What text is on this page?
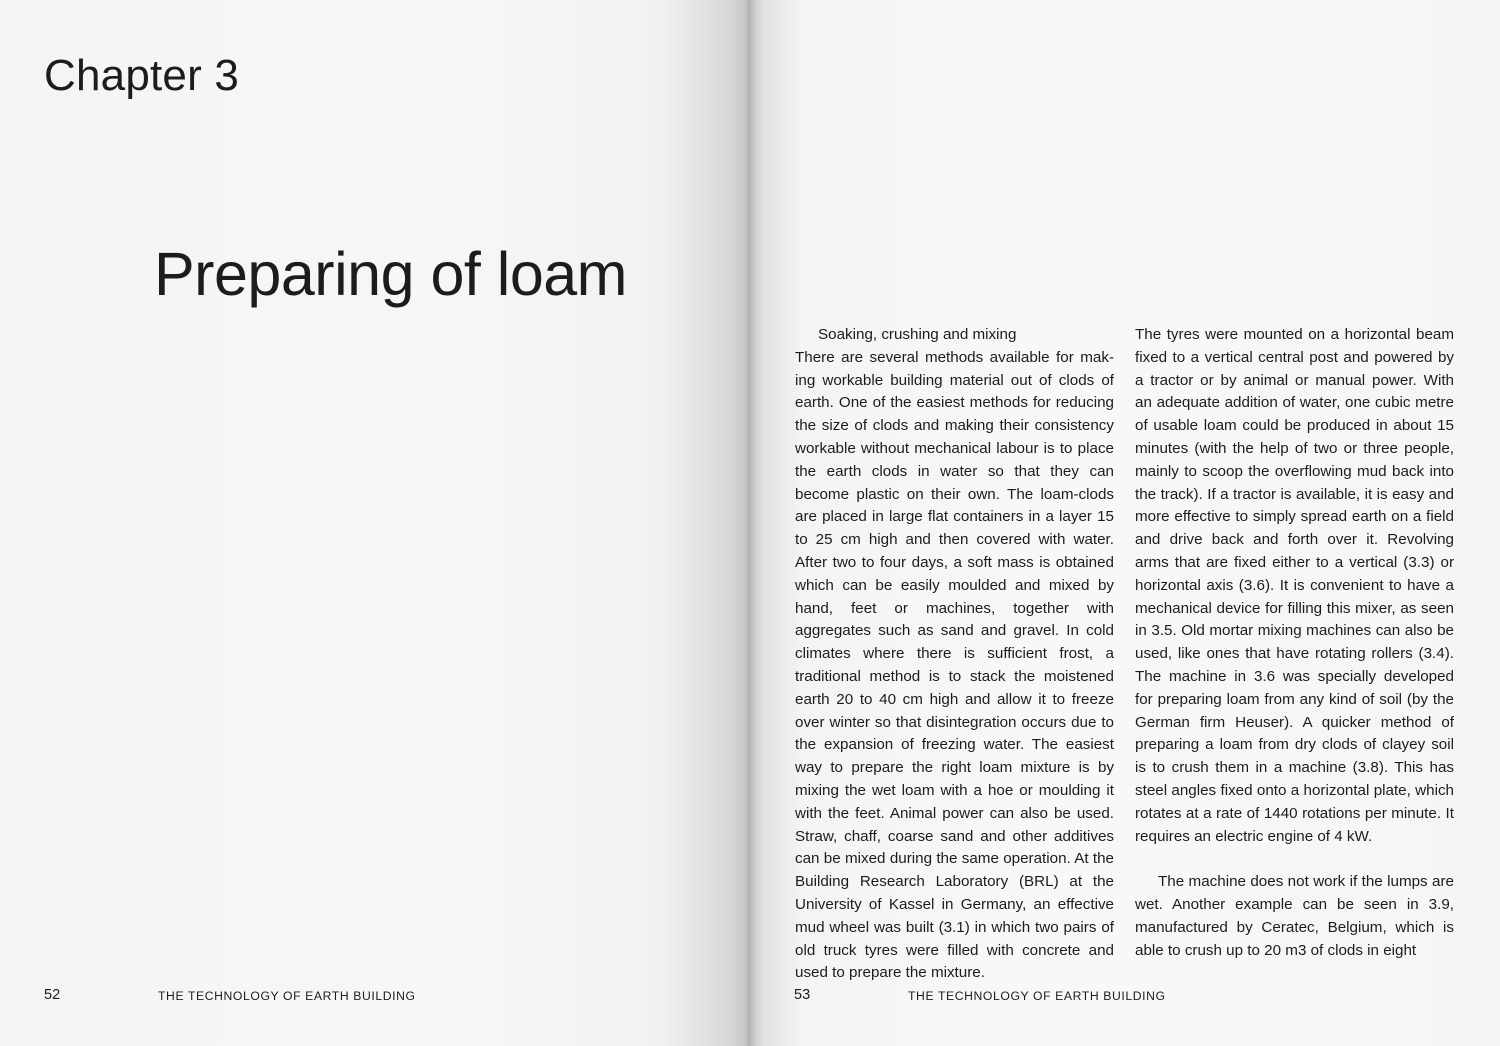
Chapter 3
Preparing of loam
52	THE TECHNOLOGY OF EARTH BUILDING
Soaking, crushing and mixing

There are several methods available for making workable building material out of clods of earth. One of the easiest methods for reducing the size of clods and making their consistency workable without mechanical labour is to place the earth clods in water so that they can become plastic on their own. The loam-clods are placed in large flat containers in a layer 15 to 25 cm high and then covered with water. After two to four days, a soft mass is obtained which can be easily moulded and mixed by hand, feet or machines, together with aggregates such as sand and gravel. In cold climates where there is sufficient frost, a traditional method is to stack the moistened earth 20 to 40 cm high and allow it to freeze over winter so that disintegration occurs due to the expansion of freezing water. The easiest way to prepare the right loam mixture is by mixing the wet loam with a hoe or moulding it with the feet. Animal power can also be used. Straw, chaff, coarse sand and other additives can be mixed during the same operation. At the Building Research Laboratory (BRL) at the University of Kassel in Germany, an effective mud wheel was built (3.1) in which two pairs of old truck tyres were filled with concrete and used to prepare the mixture.

The tyres were mounted on a horizontal beam fixed to a vertical central post and powered by a tractor or by animal or manual power. With an adequate addition of water, one cubic metre of usable loam could be produced in about 15 minutes (with the help of two or three people, mainly to scoop the overflowing mud back into the track). If a tractor is available, it is easy and more effective to simply spread earth on a field and drive back and forth over it. Revolving arms that are fixed either to a vertical (3.3) or horizontal axis (3.6). It is convenient to have a mechanical device for filling this mixer, as seen in 3.5. Old mortar mixing machines can also be used, like ones that have rotating rollers (3.4). The machine in 3.6 was specially developed for preparing loam from any kind of soil (by the German firm Heuser). A quicker method of preparing a loam from dry clods of clayey soil is to crush them in a machine (3.8). This has steel angles fixed onto a horizontal plate, which rotates at a rate of 1440 rotations per minute. It requires an electric engine of 4 kW.

The machine does not work if the lumps are wet. Another example can be seen in 3.9, manufactured by Ceratec, Belgium, which is able to crush up to 20 m3 of clods in eight

53	THE TECHNOLOGY OF EARTH BUILDING
